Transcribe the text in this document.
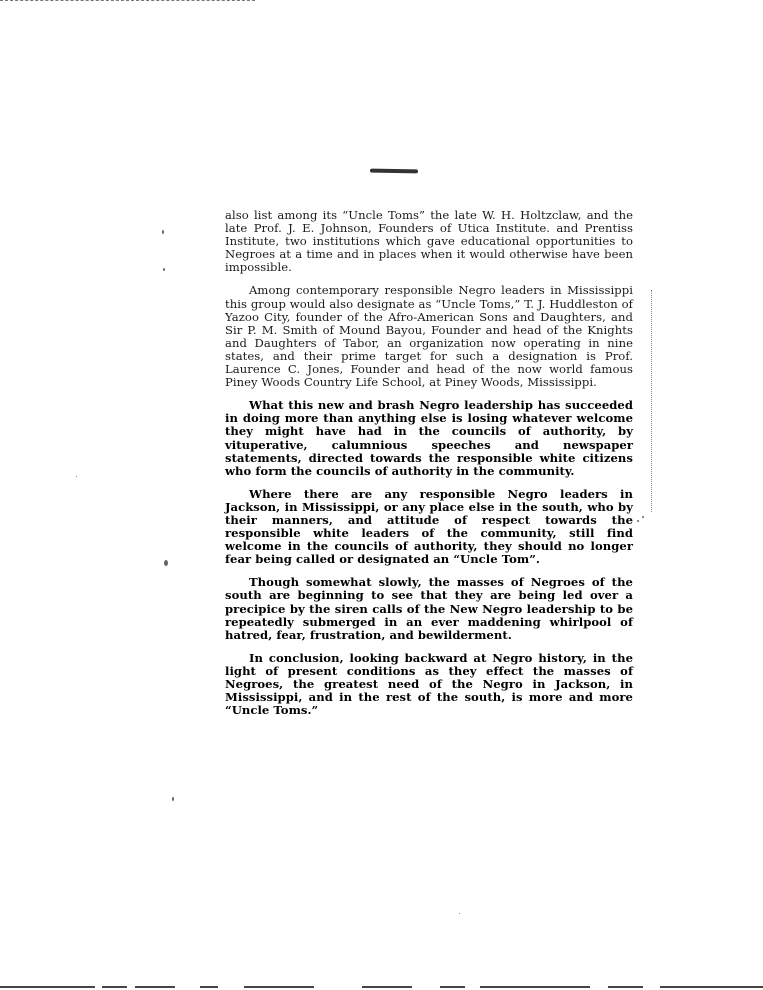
also list among its “Uncle Toms” the late W. H. Holtzclaw, and the late Prof. J. E. Johnson, Founders of Utica Institute. and Prentiss Institute, two institutions which gave educational opportunities to Negroes at a time and in places when it would otherwise have been impossible.

Among contemporary responsible Negro leaders in Mississippi this group would also designate as “Uncle Toms,” T. J. Huddleston of Yazoo City, founder of the Afro-American Sons and Daughters, and Sir P. M. Smith of Mound Bayou, Founder and head of the Knights and Daughters of Tabor, an organization now operating in nine states, and their prime target for such a designation is Prof. Laurence C. Jones, Founder and head of the now world famous Piney Woods Country Life School, at Piney Woods, Mississippi.

What this new and brash Negro leadership has succeeded in doing more than anything else is losing whatever welcome they might have had in the councils of authority, by vituperative, calumnious speeches and newspaper statements, directed towards the responsible white citizens who form the councils of authority in the community.

Where there are any responsible Negro leaders in Jackson, in Mississippi, or any place else in the south, who by their manners, and attitude of respect towards the responsible white leaders of the community, still find welcome in the councils of authority, they should no longer fear being called or designated an “Uncle Tom”.

Though somewhat slowly, the masses of Negroes of the south are beginning to see that they are being led over a precipice by the siren calls of the New Negro leadership to be repeatedly submerged in an ever maddening whirlpool of hatred, fear, frustration, and bewilderment.

In conclusion, looking backward at Negro history, in the light of present conditions as they effect the masses of Negroes, the greatest need of the Negro in Jackson, in Mississippi, and in the rest of the south, is more and more “Uncle Toms.”
